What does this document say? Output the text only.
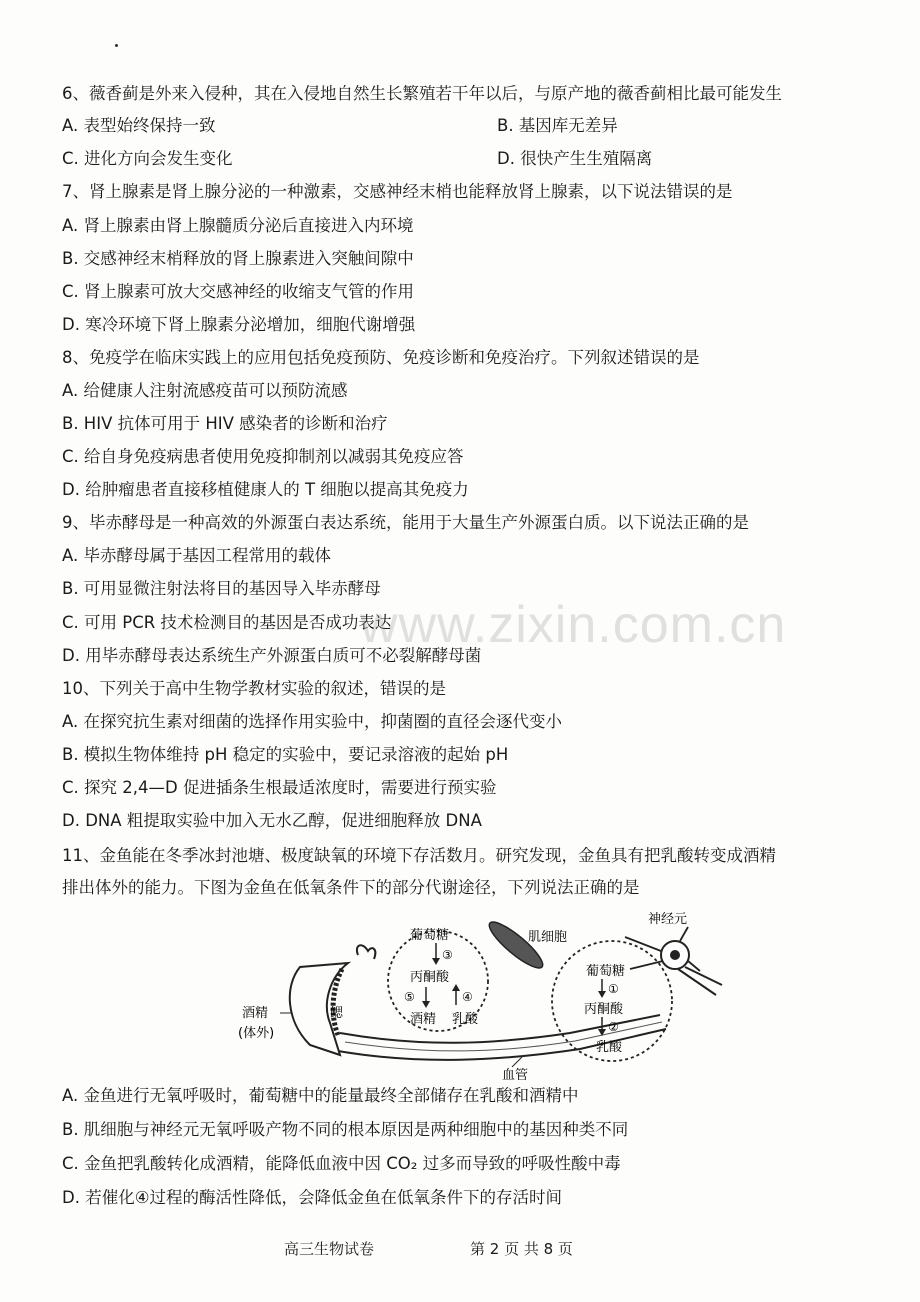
6、薇香蓟是外来入侵种，其在入侵地自然生长繁殖若干年以后，与原产地的薇香蓟相比最可能发生
A. 表型始终保持一致	B. 基因库无差异
C. 进化方向会发生变化	D. 很快产生生殖隔离
7、肾上腺素是肾上腺分泌的一种激素，交感神经末梢也能释放肾上腺素，以下说法错误的是
A. 肾上腺素由肾上腺髓质分泌后直接进入内环境
B. 交感神经末梢释放的肾上腺素进入突触间隙中
C. 肾上腺素可放大交感神经的收缩支气管的作用
D. 寒冷环境下肾上腺素分泌增加，细胞代谢增强
8、免疫学在临床实践上的应用包括免疫预防、免疫诊断和免疫治疗。下列叙述错误的是
A. 给健康人注射流感疫苗可以预防流感
B. HIV 抗体可用于 HIV 感染者的诊断和治疗
C. 给自身免疫病患者使用免疫抑制剂以减弱其免疫应答
D. 给肿瘤患者直接移植健康人的 T 细胞以提高其免疫力
9、毕赤酵母是一种高效的外源蛋白表达系统，能用于大量生产外源蛋白质。以下说法正确的是
A. 毕赤酵母属于基因工程常用的载体
B. 可用显微注射法将目的基因导入毕赤酵母
C. 可用 PCR 技术检测目的基因是否成功表达
D. 用毕赤酵母表达系统生产外源蛋白质可不必裂解酵母菌
10、下列关于高中生物学教材实验的叙述，错误的是
A. 在探究抗生素对细菌的选择作用实验中，抑菌圈的直径会逐代变小
B. 模拟生物体维持 pH 稳定的实验中，要记录溶液的起始 pH
C. 探究 2,4—D 促进插条生根最适浓度时，需要进行预实验
D. DNA 粗提取实验中加入无水乙醇，促进细胞释放 DNA
11、金鱼能在冬季冰封池塘、极度缺氧的环境下存活数月。研究发现，金鱼具有把乳酸转变成酒精
排出体外的能力。下图为金鱼在低氧条件下的部分代谢途径，下列说法正确的是
葡萄糖
③
丙酮酸
⑤	④
酒精 乳酸
葡萄糖
①
丙酮酸
②
乳酸
肌细胞
神经元
鳃
酒精
(体外)
血管
A. 金鱼进行无氧呼吸时，葡萄糖中的能量最终全部储存在乳酸和酒精中
B. 肌细胞与神经元无氧呼吸产物不同的根本原因是两种细胞中的基因种类不同
C. 金鱼把乳酸转化成酒精，能降低血液中因 CO₂ 过多而导致的呼吸性酸中毒
D. 若催化④过程的酶活性降低，会降低金鱼在低氧条件下的存活时间
www.zixin.com.cn
高三生物试卷	第 2 页 共 8 页
